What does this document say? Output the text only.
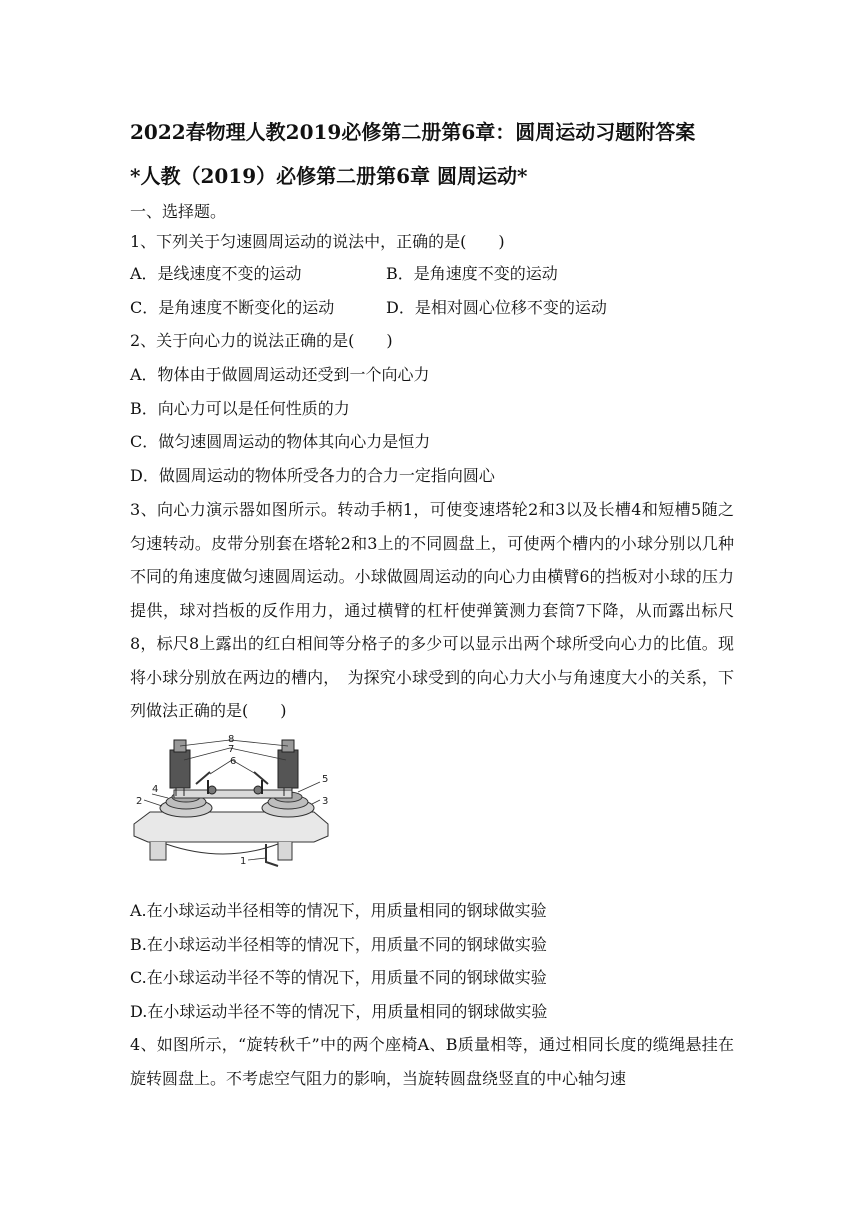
2022春物理人教2019必修第二册第6章：圆周运动习题附答案
*人教（2019）必修第二册第6章 圆周运动*
一、选择题。
1、下列关于匀速圆周运动的说法中，正确的是(　　)
A．是线速度不变的运动	B．是角速度不变的运动
C．是角速度不断变化的运动	D．是相对圆心位移不变的运动
2、关于向心力的说法正确的是(　　)
A．物体由于做圆周运动还受到一个向心力
B．向心力可以是任何性质的力
C．做匀速圆周运动的物体其向心力是恒力
D．做圆周运动的物体所受各力的合力一定指向圆心
3、向心力演示器如图所示。转动手柄1，可使变速塔轮2和3以及长槽4和短槽5随之匀速转动。皮带分别套在塔轮2和3上的不同圆盘上，可使两个槽内的小球分别以几种不同的角速度做匀速圆周运动。小球做圆周运动的向心力由横臂6的挡板对小球的压力提供，球对挡板的反作用力，通过横臂的杠杆使弹簧测力套筒7下降，从而露出标尺8，标尺8上露出的红白相间等分格子的多少可以显示出两个球所受向心力的比值。现将小球分别放在两边的槽内，　为探究小球受到的向心力大小与角速度大小的关系，下列做法正确的是(　　)
8
7
6
5
4
3
2
1
A.在小球运动半径相等的情况下，用质量相同的钢球做实验
B.在小球运动半径相等的情况下，用质量不同的钢球做实验
C.在小球运动半径不等的情况下，用质量不同的钢球做实验
D.在小球运动半径不等的情况下，用质量相同的钢球做实验
4、如图所示，“旋转秋千”中的两个座椅A、B质量相等，通过相同长度的缆绳悬挂在旋转圆盘上。不考虑空气阻力的影响，当旋转圆盘绕竖直的中心轴匀速
